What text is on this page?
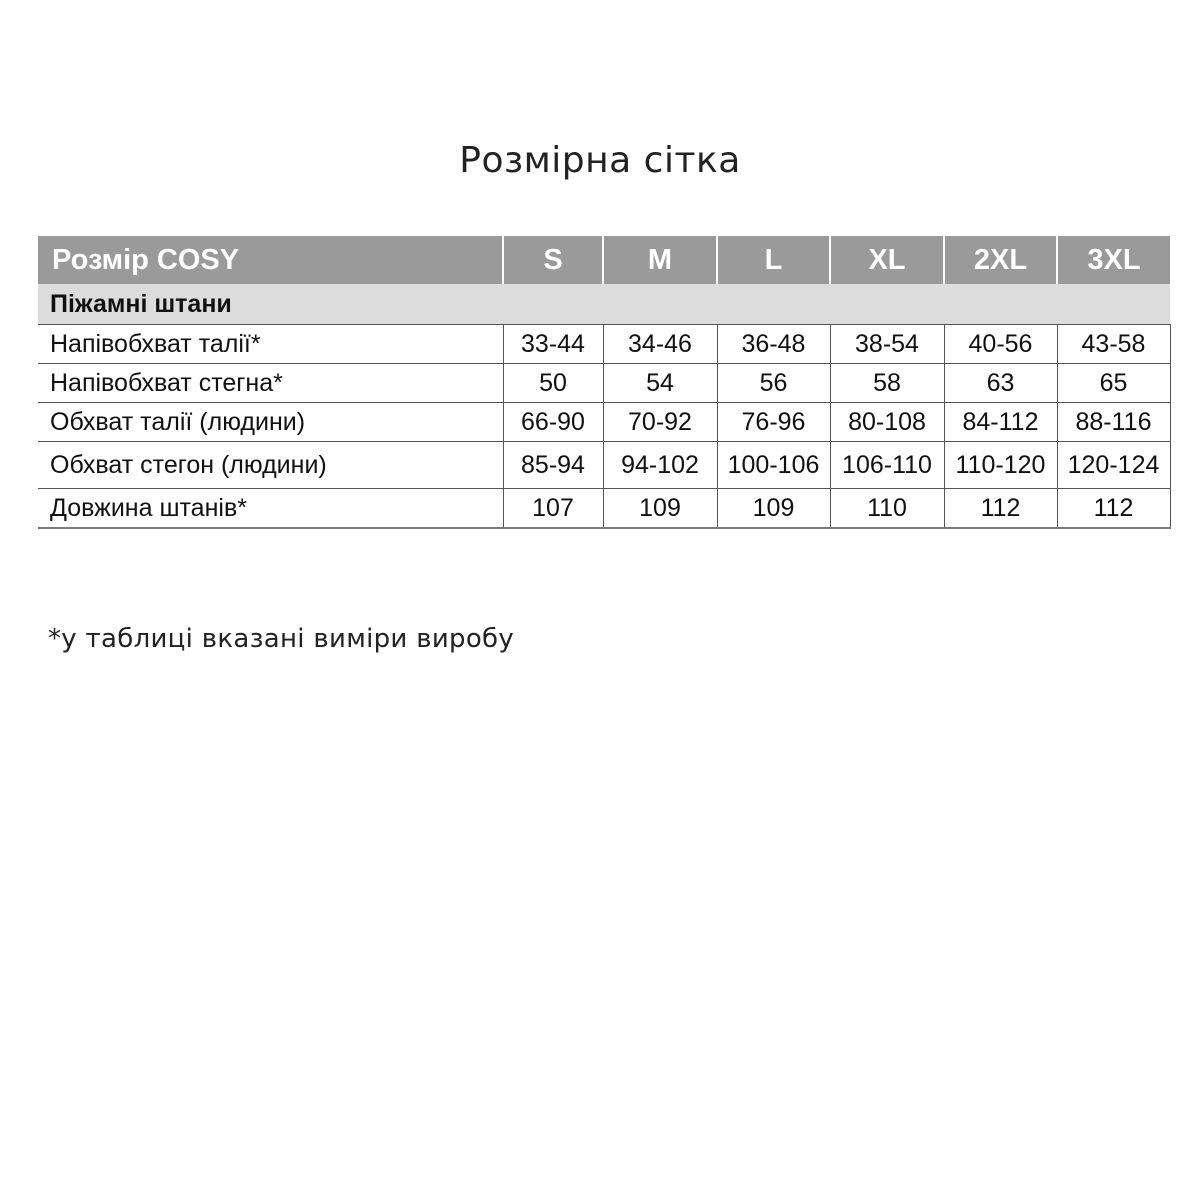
Розмірна сітка
Розмір COSY	S	M	L	XL	2XL	3XL
Піжамні штани						
Напівобхват талії*	33-44	34-46	36-48	38-54	40-56	43-58
Напівобхват стегна*	50	54	56	58	63	65
Обхват талії (людини)	66-90	70-92	76-96	80-108	84-112	88-116
Обхват стегон (людини)	85-94	94-102	100-106	106-110	110-120	120-124
Довжина штанів*	107	109	109	110	112	112
*у таблиці вказані виміри виробу
